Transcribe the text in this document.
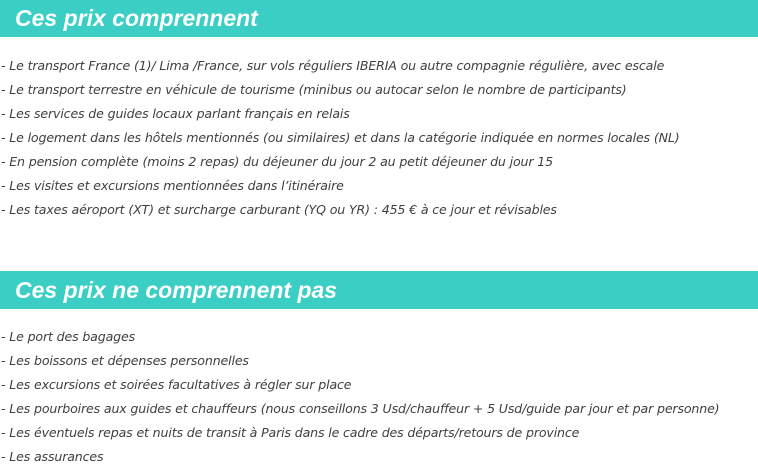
Ces prix comprennent
- Le transport France (1)/ Lima /France, sur vols réguliers IBERIA ou autre compagnie régulière, avec escale
- Le transport terrestre en véhicule de tourisme (minibus ou autocar selon le nombre de participants)
- Les services de guides locaux parlant français en relais
- Le logement dans les hôtels mentionnés (ou similaires) et dans la catégorie indiquée en normes locales (NL)
- En pension complète (moins 2 repas) du déjeuner du jour 2 au petit déjeuner du jour 15
- Les visites et excursions mentionnées dans l’itinéraire
- Les taxes aéroport (XT) et surcharge carburant (YQ ou YR) : 455 € à ce jour et révisables
Ces prix ne comprennent pas
- Le port des bagages
- Les boissons et dépenses personnelles
- Les excursions et soirées facultatives à régler sur place
- Les pourboires aux guides et chauffeurs (nous conseillons 3 Usd/chauffeur + 5 Usd/guide par jour et par personne)
- Les éventuels repas et nuits de transit à Paris dans le cadre des départs/retours de province
- Les assurances
